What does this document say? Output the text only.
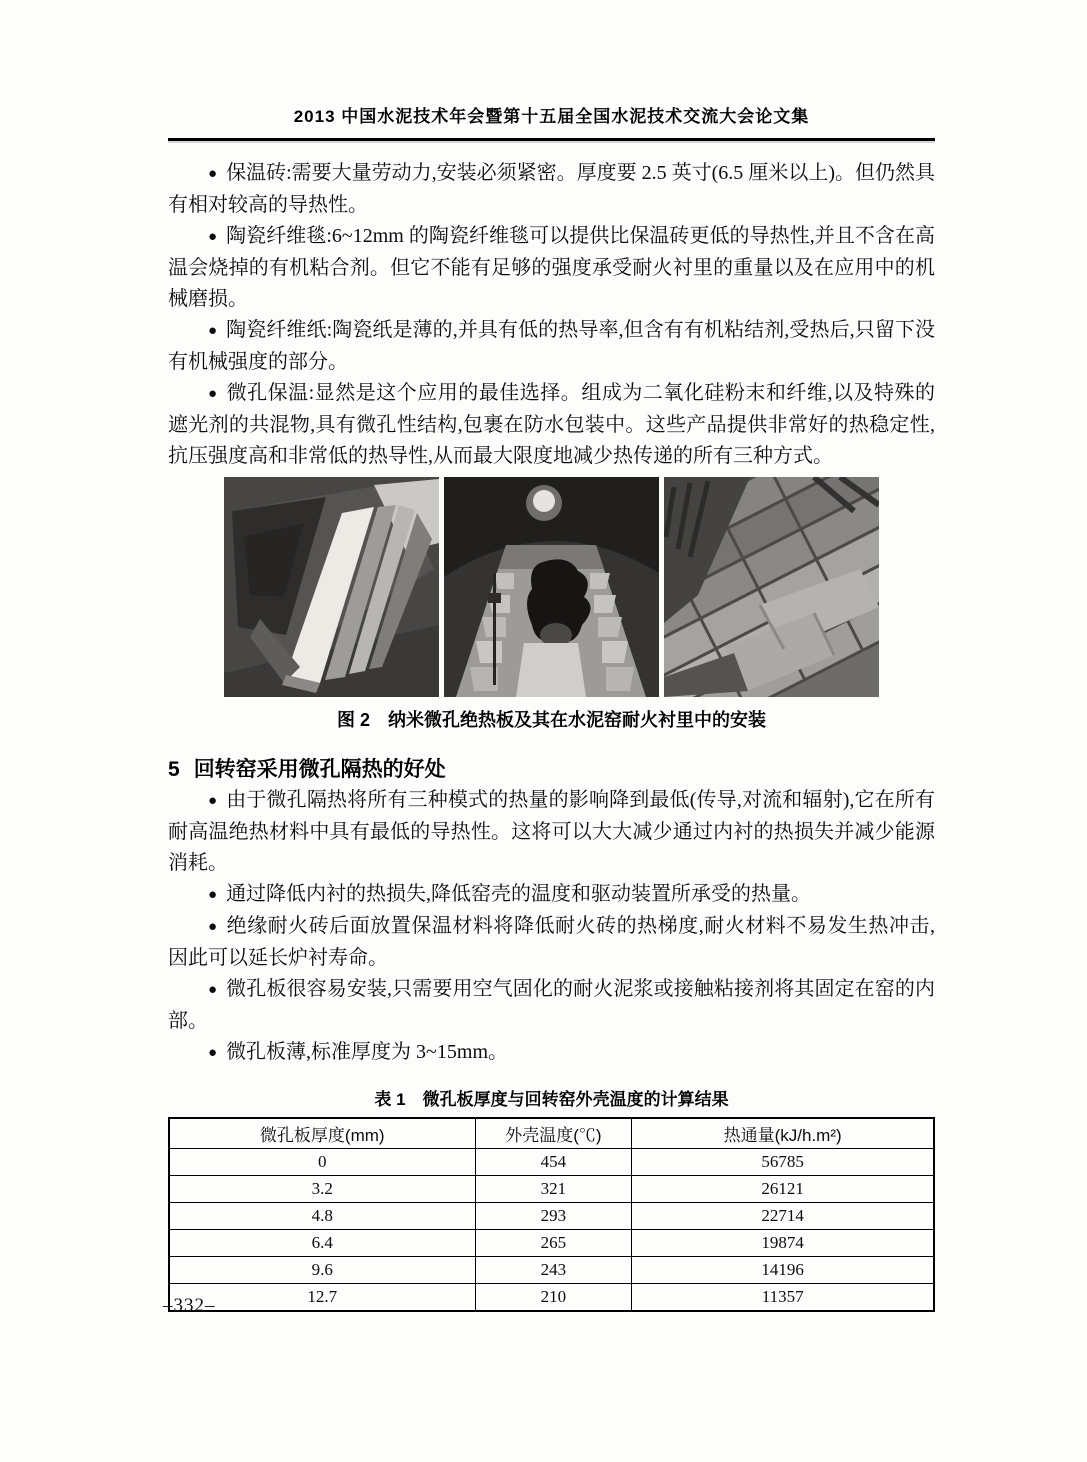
2013 中国水泥技术年会暨第十五届全国水泥技术交流大会论文集

● 保温砖:需要大量劳动力,安装必须紧密。厚度要 2.5 英寸(6.5 厘米以上)。但仍然具有相对较高的导热性。

● 陶瓷纤维毯:6~12mm 的陶瓷纤维毯可以提供比保温砖更低的导热性,并且不含在高温会烧掉的有机粘合剂。但它不能有足够的强度承受耐火衬里的重量以及在应用中的机械磨损。

● 陶瓷纤维纸:陶瓷纸是薄的,并具有低的热导率,但含有有机粘结剂,受热后,只留下没有机械强度的部分。

● 微孔保温:显然是这个应用的最佳选择。组成为二氧化硅粉末和纤维,以及特殊的遮光剂的共混物,具有微孔性结构,包裹在防水包装中。这些产品提供非常好的热稳定性,抗压强度高和非常低的热导性,从而最大限度地减少热传递的所有三种方式。

图 2　纳米微孔绝热板及其在水泥窑耐火衬里中的安装
5 回转窑采用微孔隔热的好处

● 由于微孔隔热将所有三种模式的热量的影响降到最低(传导,对流和辐射),它在所有耐高温绝热材料中具有最低的导热性。这将可以大大减少通过内衬的热损失并减少能源消耗。

● 通过降低内衬的热损失,降低窑壳的温度和驱动装置所承受的热量。

● 绝缘耐火砖后面放置保温材料将降低耐火砖的热梯度,耐火材料不易发生热冲击,因此可以延长炉衬寿命。

● 微孔板很容易安装,只需要用空气固化的耐火泥浆或接触粘接剂将其固定在窑的内部。

● 微孔板薄,标准厚度为 3~15mm。

表 1　微孔板厚度与回转窑外壳温度的计算结果
微孔板厚度(mm)	外壳温度(℃)	热通量(kJ/h.m²)
0	454	56785
3.2	321	26121
4.8	293	22714
6.4	265	19874
9.6	243	14196
12.7	210	11357
–332–
